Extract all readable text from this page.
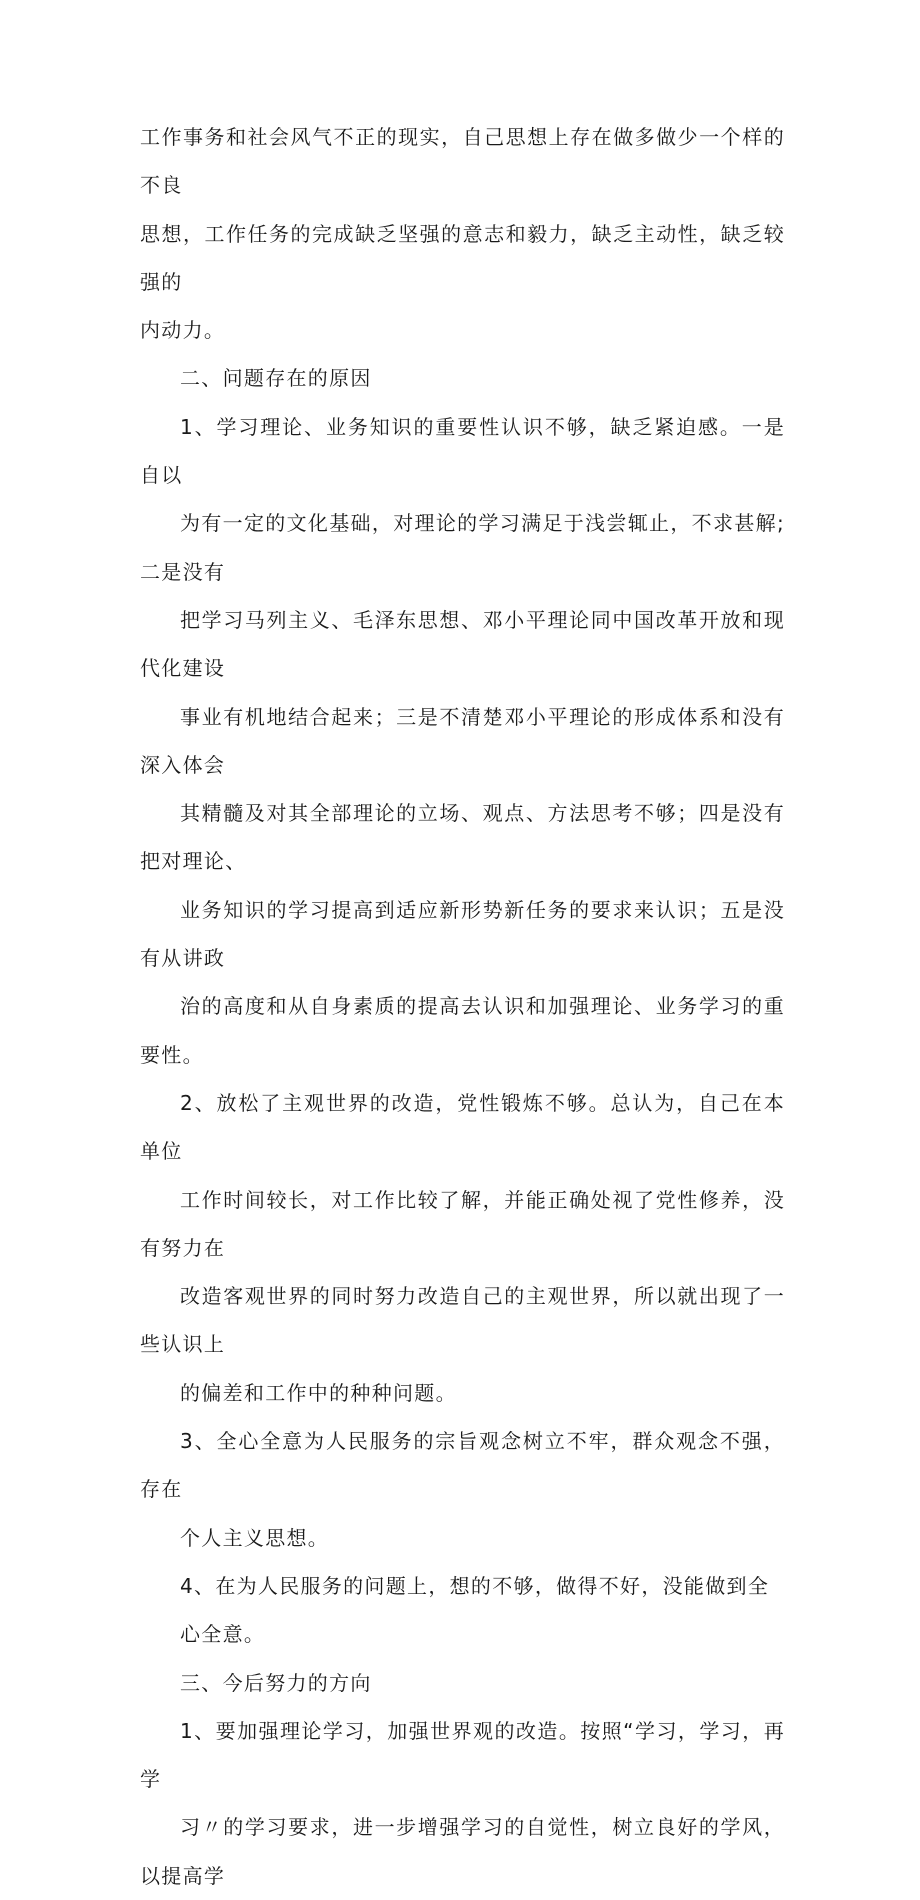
工作事务和社会风气不正的现实，自己思想上存在做多做少一个样的不良
思想，工作任务的完成缺乏坚强的意志和毅力，缺乏主动性，缺乏较强的
内动力。

二、问题存在的原因

1、学习理论、业务知识的重要性认识不够，缺乏紧迫感。一是自以
为有一定的文化基础，对理论的学习满足于浅尝辄止，不求甚解;二是没有
把学习马列主义、毛泽东思想、邓小平理论同中国改革开放和现代化建设
事业有机地结合起来；三是不清楚邓小平理论的形成体系和没有深入体会
其精髓及对其全部理论的立场、观点、方法思考不够；四是没有把对理论、
业务知识的学习提高到适应新形势新任务的要求来认识；五是没有从讲政
治的高度和从自身素质的提高去认识和加强理论、业务学习的重要性。

2、放松了主观世界的改造，党性锻炼不够。总认为，自己在本单位
工作时间较长，对工作比较了解，并能正确处视了党性修养，没有努力在
改造客观世界的同时努力改造自己的主观世界，所以就出现了一些认识上
的偏差和工作中的种种问题。

3、全心全意为人民服务的宗旨观念树立不牢，群众观念不强，存在
个人主义思想。

4、在为人民服务的问题上，想的不够，做得不好，没能做到全
心全意。

三、今后努力的方向

1、要加强理论学习，加强世界观的改造。按照“学习，学习，再学
习〃的学习要求，进一步增强学习的自觉性，树立良好的学风，以提高学
